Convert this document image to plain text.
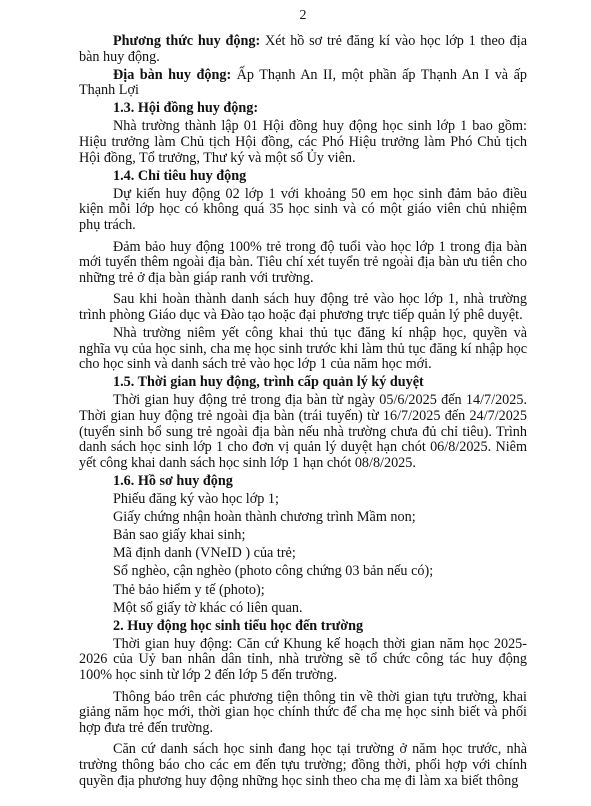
2

Phương thức huy động: Xét hồ sơ trẻ đăng kí vào học lớp 1 theo địa bàn huy động.

Địa bàn huy động: Ấp Thạnh An II, một phần ấp Thạnh An I và ấp Thạnh Lợi

1.3. Hội đồng huy động:

Nhà trường thành lập 01 Hội đồng huy động học sinh lớp 1 bao gồm: Hiệu trưởng làm Chủ tịch Hội đồng, các Phó Hiệu trưởng làm Phó Chủ tịch Hội đồng, Tổ trưởng, Thư ký và một số Ủy viên.

1.4. Chỉ tiêu huy động

Dự kiến huy động 02 lớp 1 với khoảng 50 em học sinh đảm bảo điều kiện mỗi lớp học có không quá 35 học sinh và có một giáo viên chủ nhiệm phụ trách.

Đảm bảo huy động 100% trẻ trong độ tuổi vào học lớp 1 trong địa bàn mới tuyển thêm ngoài địa bàn. Tiêu chí xét tuyển trẻ ngoài địa bàn ưu tiên cho những trẻ ở địa bàn giáp ranh với trường.

Sau khi hoàn thành danh sách huy động trẻ vào học lớp 1, nhà trường trình phòng Giáo dục và Đào tạo hoặc đại phương trực tiếp quản lý phê duyệt.

Nhà trường niêm yết công khai thủ tục đăng kí nhập học, quyền và nghĩa vụ của học sinh, cha mẹ học sinh trước khi làm thủ tục đăng kí nhập học cho học sinh và danh sách trẻ vào học lớp 1 của năm học mới.

1.5. Thời gian huy động, trình cấp quản lý ký duyệt

Thời gian huy động trẻ trong địa bàn từ ngày 05/6/2025 đến 14/7/2025. Thời gian huy động trẻ ngoài địa bàn (trái tuyến) từ 16/7/2025 đến 24/7/2025 (tuyển sinh bổ sung trẻ ngoài địa bàn nếu nhà trường chưa đủ chỉ tiêu). Trình danh sách học sinh lớp 1 cho đơn vị quản lý duyệt hạn chót 06/8/2025. Niêm yết công khai danh sách học sinh lớp 1 hạn chót 08/8/2025.

1.6. Hồ sơ huy động

Phiếu đăng ký vào học lớp 1;
Giấy chứng nhận hoàn thành chương trình Mầm non;
Bản sao giấy khai sinh;
Mã định danh (VNeID ) của trẻ;
Sổ nghèo, cận nghèo (photo công chứng 03 bản nếu có);
Thẻ bảo hiểm y tế (photo);
Một số giấy tờ khác có liên quan.

2. Huy động học sinh tiểu học đến trường

Thời gian huy động: Căn cứ Khung kế hoạch thời gian năm học 2025-2026 của Uỷ ban nhân dân tỉnh, nhà trường sẽ tổ chức công tác huy động 100% học sinh từ lớp 2 đến lớp 5 đến trường.

Thông báo trên các phương tiện thông tin về thời gian tựu trường, khai giảng năm học mới, thời gian học chính thức để cha mẹ học sinh biết và phối hợp đưa trẻ đến trường.

Căn cứ danh sách học sinh đang học tại trường ở năm học trước, nhà trường thông báo cho các em đến tựu trường; đồng thời, phối hợp với chính quyền địa phương huy động những học sinh theo cha mẹ đi làm xa biết thông
